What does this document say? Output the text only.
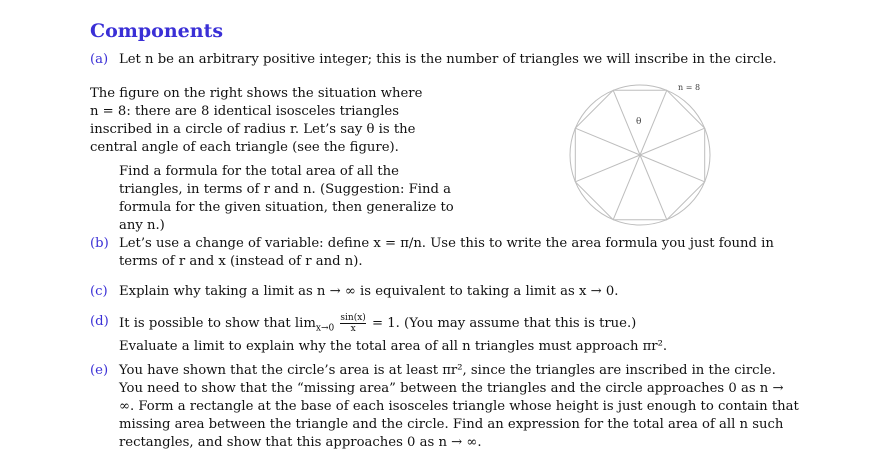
Components
(a) Let n be an arbitrary positive integer; this is the number of triangles we will inscribe in the circle.
The figure on the right shows the situation where n = 8: there are 8 identical isosceles triangles inscribed in a circle of radius r. Let’s say θ is the central angle of each triangle (see the figure).
Find a formula for the total area of all the triangles, in terms of r and n. (Suggestion: Find a formula for the given situation, then generalize to any n.)
n = 8
θ
(b) Let’s use a change of variable: define x = π/n. Use this to write the area formula you just found in terms of r and x (instead of r and n).
(c) Explain why taking a limit as n → ∞ is equivalent to taking a limit as x → 0.
(d) It is possible to show that $\lim_{x\to 0} \frac{\sin(x)}{x} = 1$. (You may assume that this is true.)
Evaluate a limit to explain why the total area of all n triangles must approach πr².
(e) You have shown that the circle’s area is at least πr², since the triangles are inscribed in the circle. You need to show that the “missing area” between the triangles and the circle approaches 0 as n → ∞. Form a rectangle at the base of each isosceles triangle whose height is just enough to contain that missing area between the triangle and the circle. Find an expression for the total area of all n such rectangles, and show that this approaches 0 as n → ∞.
